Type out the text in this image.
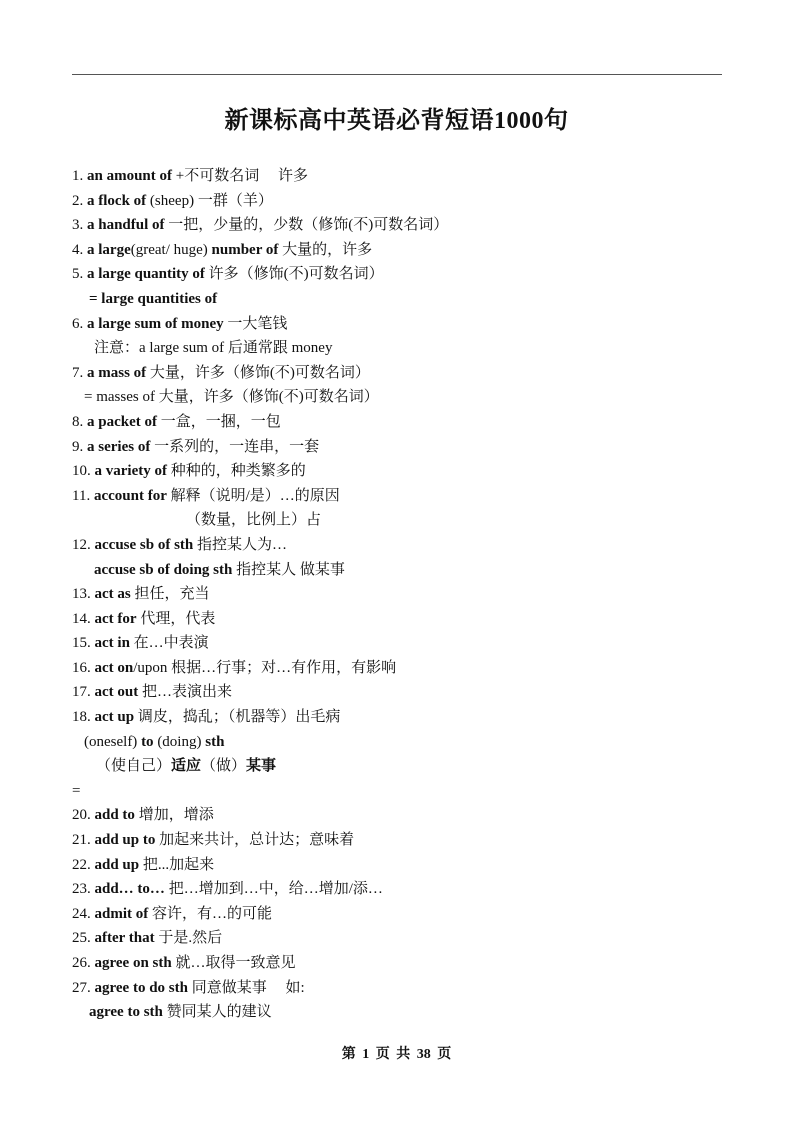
新课标高中英语必背短语1000句
1. an amount of +不可数名词　 许多
2. a flock of (sheep) 一群（羊）
3. a handful of 一把，少量的，少数（修饰(不)可数名词）
4. a large(great/ huge) number of 大量的，许多
5. a large quantity of 许多（修饰(不)可数名词）
= large quantities of
6. a large sum of money 一大笔钱
注意：a large sum of 后通常跟 money
7. a mass of 大量，许多（修饰(不)可数名词）
= masses of 大量，许多（修饰(不)可数名词）
8. a packet of 一盒，一捆，一包
9. a series of 一系列的，一连串，一套
10. a variety of 种种的，种类繁多的
11. account for 解释（说明/是）…的原因
（数量，比例上）占
12. accuse sb of sth 指控某人为…
accuse sb of doing sth 指控某人 做某事
13. act as 担任，充当
14. act for 代理，代表
15. act in 在…中表演
16. act on/upon 根据…行事；对…有作用，有影响
17. act out 把…表演出来
18. act up 调皮，捣乱；（机器等）出毛病
(oneself) to (doing) sth
（使自己）适应（做）某事
=
20. add to 增加，增添
21. add up to 加起来共计，总计达；意味着
22. add up 把...加起来
23. add… to… 把…增加到…中，给…增加/添…
24. admit of 容许，有…的可能
25. after that 于是.然后
26. agree on sth 就…取得一致意见
27. agree to do sth 同意做某事　 如:
agree to sth 赞同某人的建议
第 1 页 共 38 页
